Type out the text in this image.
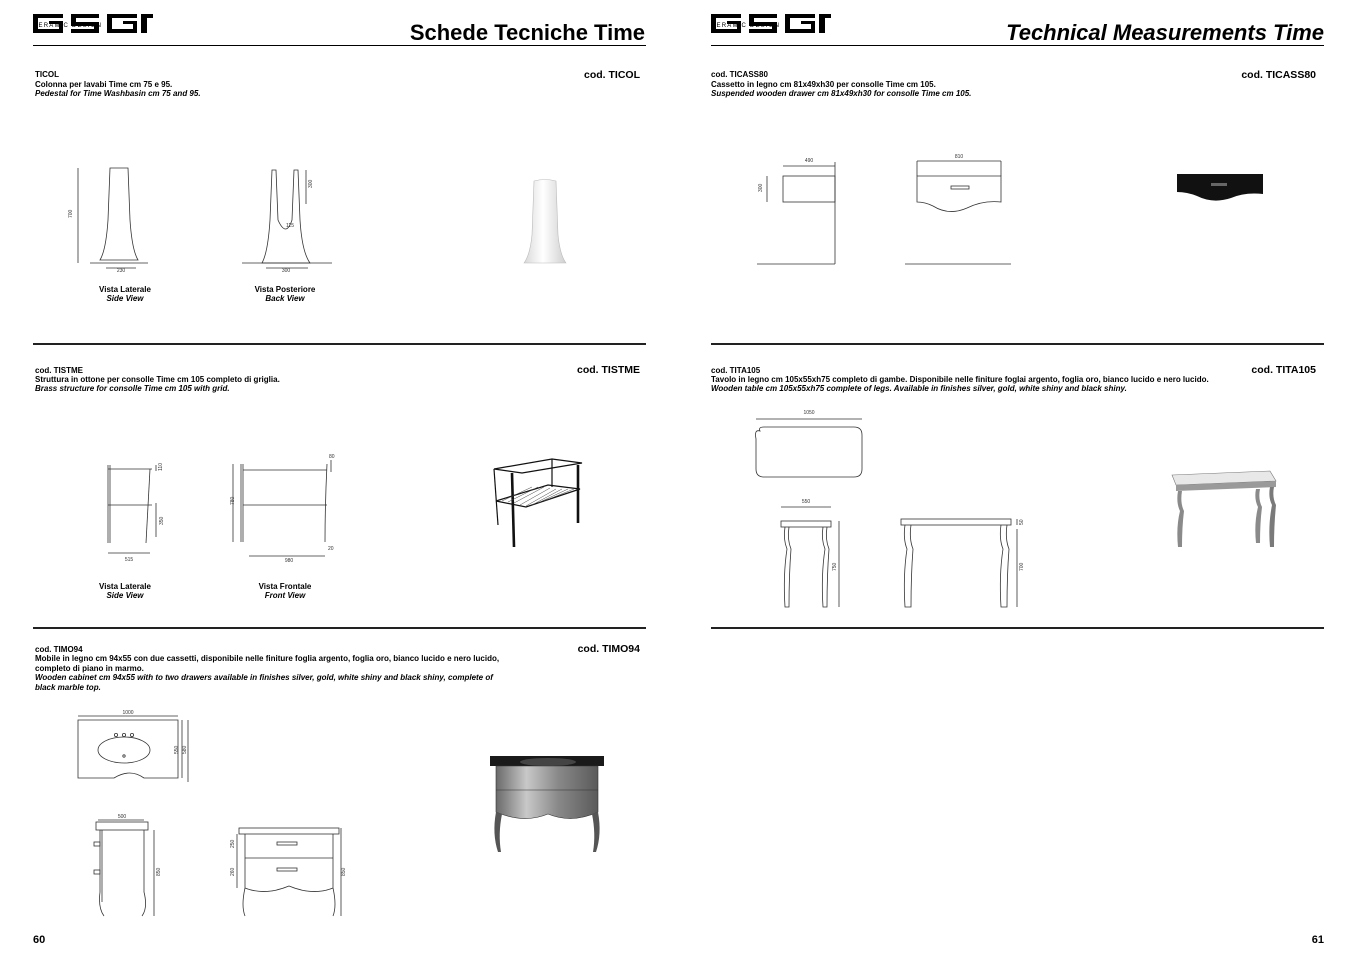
CERAMIC DESIGN	Schede Tecniche Time
TICOL
Colonna per lavabi Time cm 75 e 95.
Pedestal for Time Washbasin cm 75 and 95.
cod. TICOL
700
230
300
115
300
Vista Laterale
Side View
Vista Posteriore
Back View
cod. TISTME
Struttura in ottone per consolle Time cm 105 completo di griglia.
Brass structure for consolle Time cm 105 with grid.
cod. TISTME
110
350
515
80
780
980
20
Vista Laterale
Side View
Vista Frontale
Front View
cod. TIMO94
Mobile in legno cm 94x55 con due cassetti, disponibile nelle finiture foglia argento, foglia oro, bianco lucido e nero lucido, completo di piano in marmo.
Wooden cabinet cm 94x55 with to two drawers available in finishes silver, gold, white shiny and black shiny, complete of black marble top.
cod. TIMO94
1000
550 580
500
850
250
260	850
60
CERAMIC DESIGN	Technical Measurements Time
cod. TICASS80
Cassetto in legno cm 81x49xh30 per consolle Time cm 105.
Suspended wooden drawer cm 81x49xh30 for consolle Time cm 105.
cod. TICASS80
490
300
810
cod. TITA105
Tavolo in legno cm 105x55xh75 completo di gambe. Disponibile nelle finiture foglai argento, foglia oro, bianco lucido e nero lucido.
Wooden table cm 105x55xh75 complete of legs. Available in finishes silver, gold, white shiny and black shiny.
cod. TITA105
1050
550
750
50
700
61
